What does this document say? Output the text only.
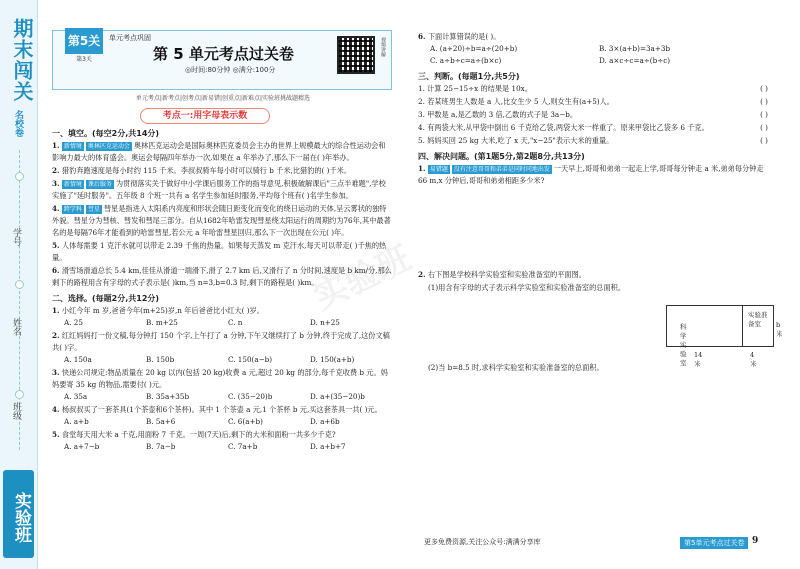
期末闯关
名校卷
学号
姓名
班级
实验班
实验班
第5关
第3关
单元考点巩固
第 5 单元考点过关卷
◎时间:80分钟 ◎满分:100分
视频讲解
单元考点|新考点|创考点|新易错|创重点|新难点|实验班挑战题精选
考点一:用字母表示数
一、填空。(每空2分,共14分)
1. 新情境 奥林匹克运动会 奥林匹克运动会是国际奥林匹克委员会主办的世界上规模最大的综合性运动会和影响力最大的体育盛会。奥运会每隔四年举办一次,如果在 a 年举办了,那么下一届在( )年举办。
2. 猎豹奔跑速度是每小时约 115 千米。李叔叔骑车每小时可以骑行 b 千米,比猎豹的( )千米。
3. 新情境 课后服务 为贯彻落实关于做好中小学课后服务工作的指导意见,积极破解课后"三点半难题",学校实施了"延时服务"。五年级 8 个班一共有 a 名学生参加延时服务,平均每个班有( )名学生参加。
4. 跨学科 彗星 彗星是指进入太阳系内亮度和形状会随日距变化而变化的绕日运动的天体,呈云雾状的独特外貌。彗星分为彗核、彗发和彗尾三部分。自从1682年哈雷发现彗星绕太阳运行的周期约为76年,其中最著名的是每隔76年才能看到的哈雷彗星,若公元 a 年哈雷彗星回归,那么下一次出现在公元( )年。
5. 人体每需要 1 克汗水就可以带走 2.39 千焦的热量。如果每天蒸发 m 克汗水,每天可以带走( )千焦的热量。
6. 滑雪场滑道总长 5.4 km,佳佳从滑道一端滑下,滑了 2.7 km 后,又滑行了 n 分时间,速度是 b km/分,那么剩下的路程用含有字母的式子表示是( )km,当 n=3,b=0.3 时,剩下的路程是( )km。
二、选择。(每题2分,共12分)
1. 小红今年 m 岁,爸爸今年(m+25)岁,n 年后爸爸比小红大( )岁。
A. 25	B. m+25	C. n	D. n+25
2. 红红妈妈打一份文稿,每分钟打 150 个字,上午打了 a 分钟,下午又继续打了 b 分钟,终于完成了,这份文稿共( )字。
A. 150a	B. 150b	C. 150(a−b)	D. 150(a+b)
3. 快递公司规定:物品质量在 20 kg 以内(包括 20 kg)收费 a 元,超过 20 kg 的部分,每千克收费 b 元。妈妈要寄 35 kg 的物品,需要付( )元。
A. 35a	B. 35a+35b	C. (35−20)b	D. a+(35−20)b
4. 杨叔叔买了一套茶具(1个茶壶和6个茶杯)。其中 1 个茶壶 a 元,1 个茶杯 b 元,买这套茶具一共( )元。
A. a+b	B. 5a+6	C. 6(a+b)	D. a+6b
5. 食堂每天用大米 a 千克,用面粉 7 千克。一周(7天)后,剩下的大米和面粉一共多少千克?
A. a+7−b	B. 7a−b	C. 7a+b	D. a+b+7
6. 下面计算错误的是( )。
A. (a+20)÷b=a÷(20+b)	B. 3×(a+b)=3a+3b
C. a÷b÷c=a÷(b×c)	D. a×c÷c=a÷(b÷c)
三、判断。(每题1分,共5分)
1. 计算 25−15÷x 的结果是 10x。	( )
2. 若某班男生人数是 a 人,比女生少 5 人,则女生有(a+5)人。	( )
3. 甲数是 a,是乙数的 3 倍,乙数的式子是 3a−b。	( )
4. 有两袋大米,从甲袋中倒出 6 千克给乙袋,两袋大米一样重了。原来甲袋比乙袋多 6 千克。	( )
5. 妈妈买回 25 kg 大米,吃了 x 天,"x−25"表示大米的重量。	( )
四、解决问题。(第1题5分,第2题8分,共13分)
1. 易错题 没有注意哥哥和弟弟是同时同地出发 一天早上,哥哥和弟弟一起走上学,哥哥每分钟走 a 米,弟弟每分钟走 66 m,x 分钟后,哥哥和弟弟相距多少米?
2. 右下图是学校科学实验室和实验准备室的平面图。
(1)用含有字母的式子表示科学实验室和实验准备室的总面积。
(2)当 b=8.5 时,求科学实验室和实验准备室的总面积。
科学实验室
实验准备室	b米
14米
4米
更多免费资源,关注公众号:满满分享库	第5单元考点过关卷 9
